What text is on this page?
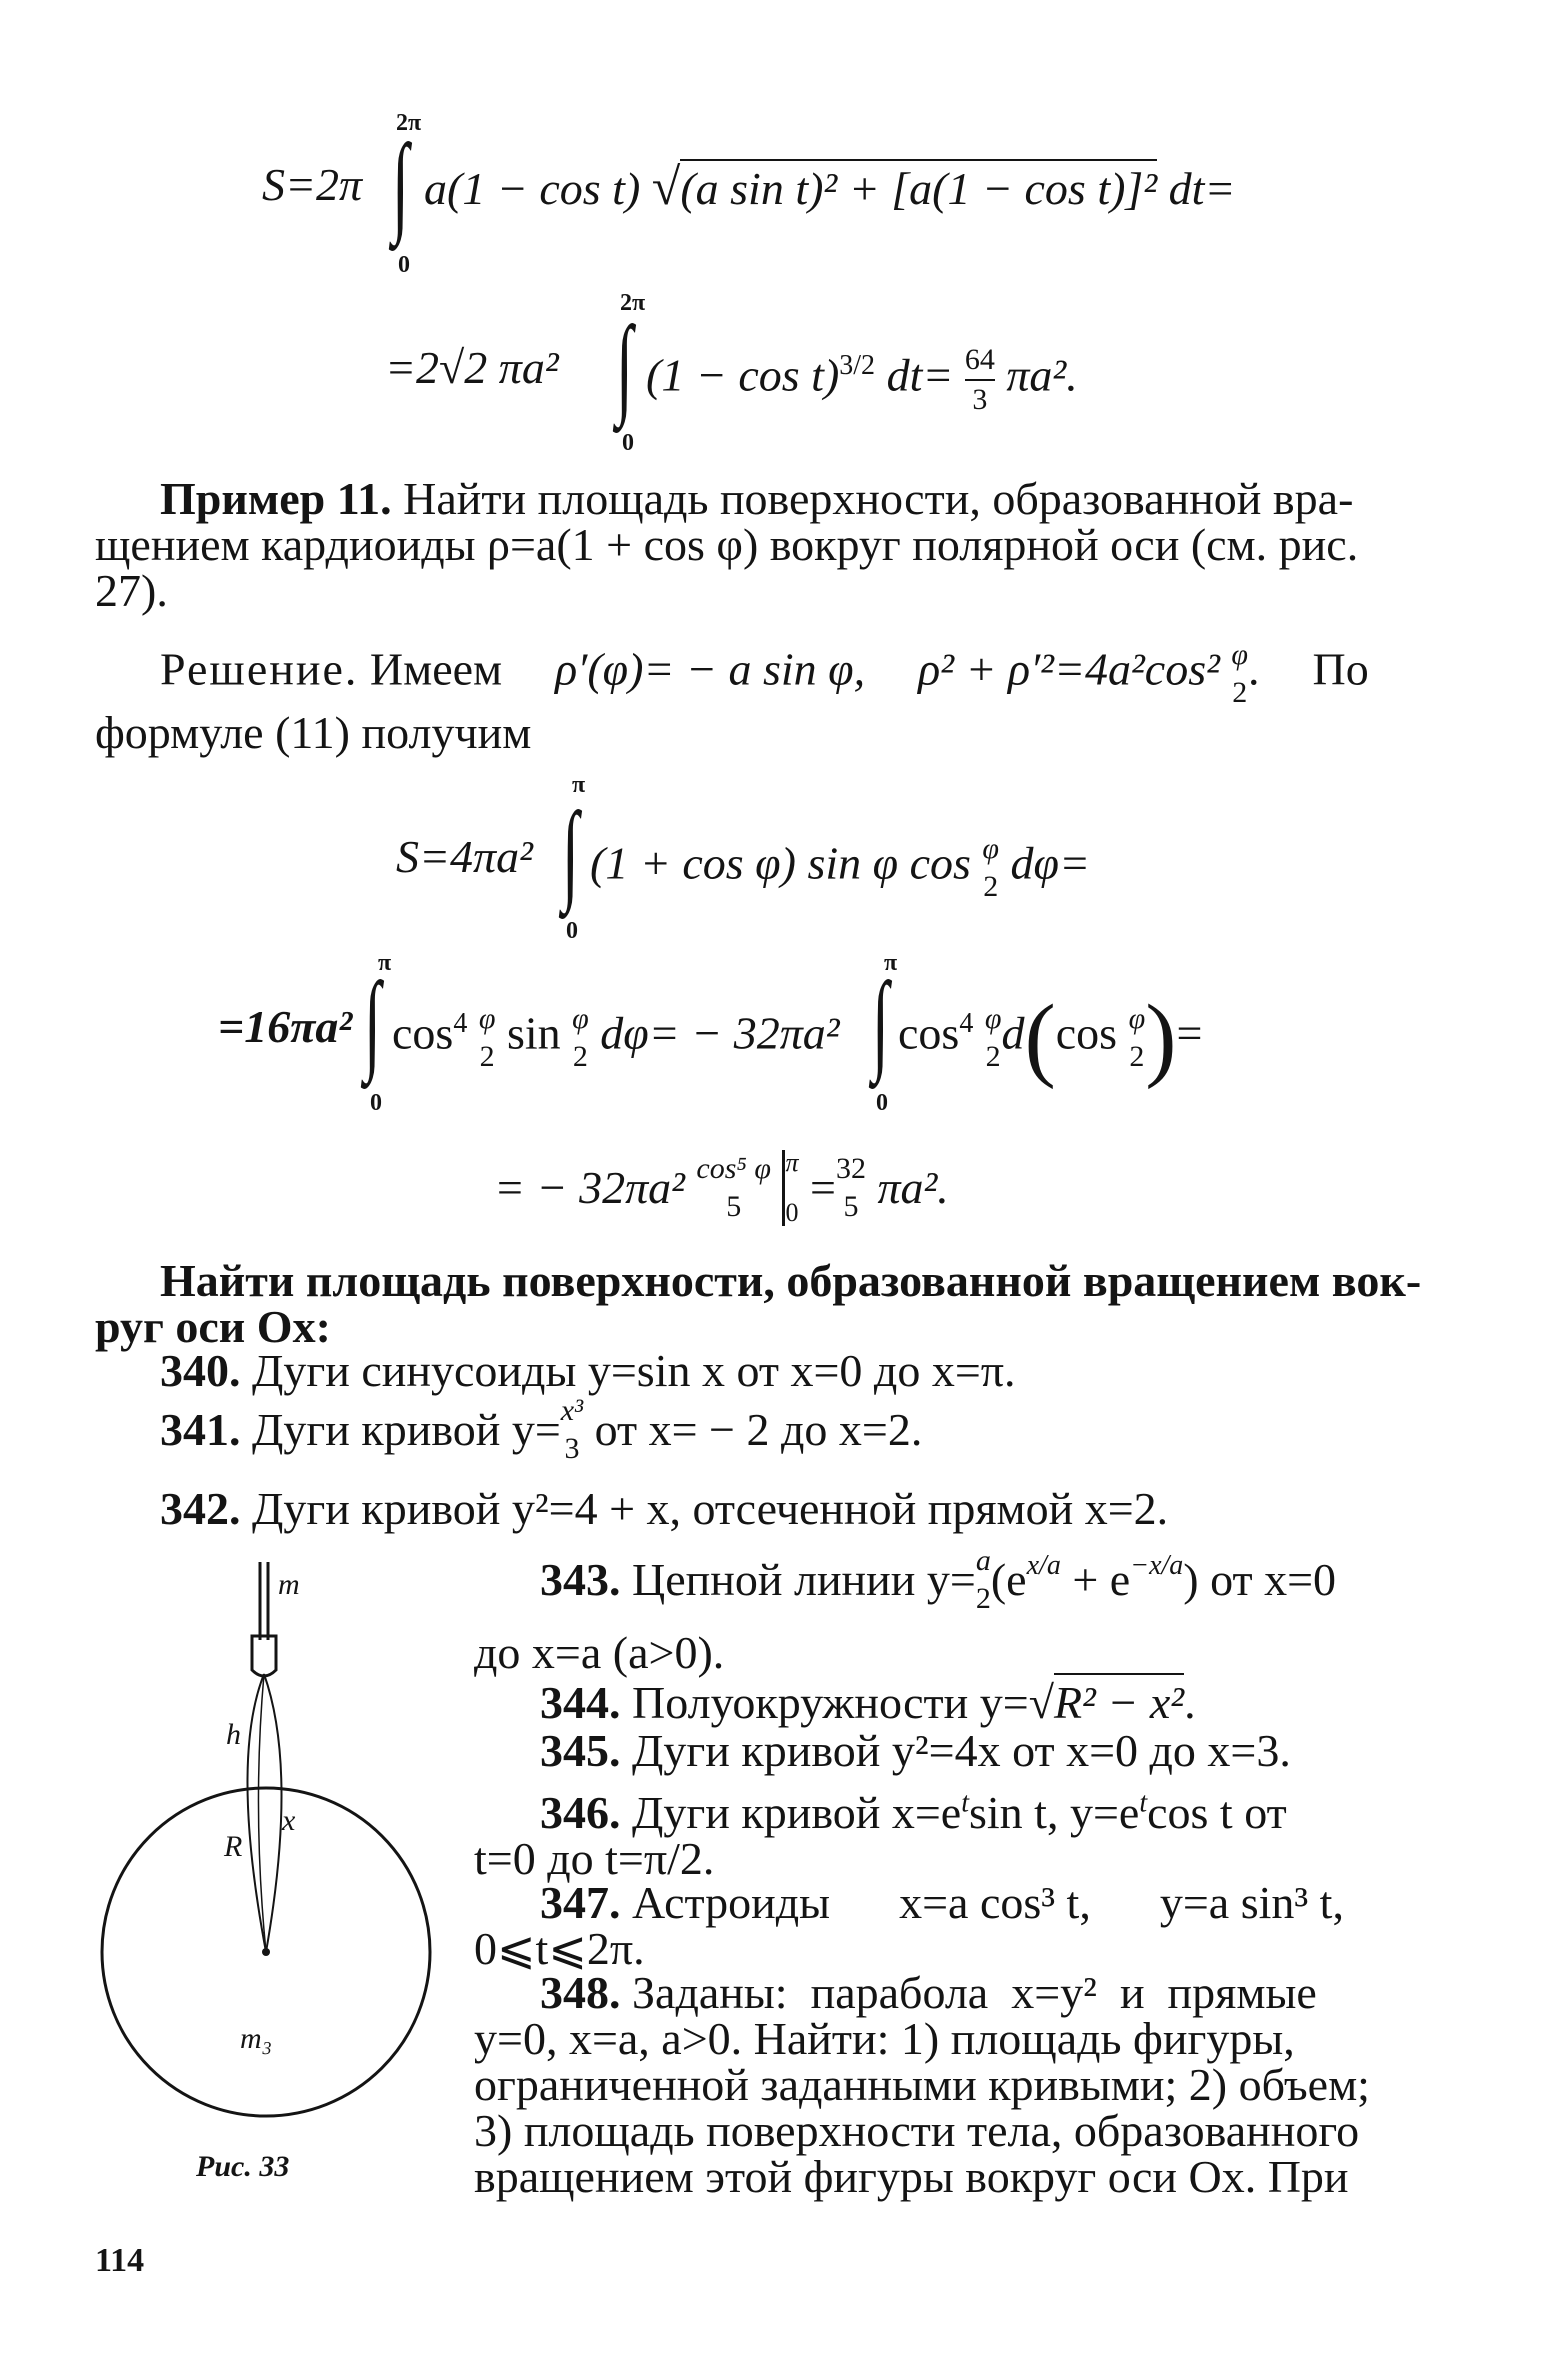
S=2π
2π
∫
0
a(1 − cos t) √(a sin t)² + [a(1 − cos t)]² dt=
=2√2 πa²
2π
∫
0
$(1 - \cos t)^{3/2}$ $dt= \frac{64}{3} \pi a^2$.
Пример 11. Найти площадь поверхности, образованной вра-
щением кардиоиды ρ=a(1 + cos φ) вокруг полярной оси (см. рис.
27).
Решение. Имеем ρ′(φ)= − a sin φ, ρ² + ρ′²=4a²cos² φ
2 . По
формуле (11) получим
S=4πa²
π
∫
0
(1 + cos φ) sin φ cos φ
2 dφ=
=16πa²
π
∫
0
$\cos^4 \varphi$
2 sin φ
2 dφ= − 32πa²
π
∫
0
$\cos^4 \varphi$
2 d(cos φ
2 )=
= − 32πa² cos⁵ φ
5

π
0 = 32
5 πa².
Найти площадь поверхности, образованной вращением вок-
руг оси Ox:
340. Дуги синусоиды y=sin x от x=0 до x=π.
341. Дуги кривой y= x³
3 от x= − 2 до x=2.
342. Дуги кривой y²=4 + x, отсеченной прямой x=2.
343. Цепной линии y= a
2 $(e^{x/a} + e^{-x/a})$ от x=0
до x=a (a>0).
344. Полуокружности y=√R² − x².
345. Дуги кривой y²=4x от x=0 до x=3.
346. Дуги кривой $x=e^t\sin$ t, $y=e^t\cos$ t от
t=0 до t=π/2.
347. Астроиды      x=a cos³ t,      y=a sin³ t,
0⩽t⩽2π.
348. Заданы:  парабола  x=y²  и  прямые
y=0, x=a, a>0. Найти: 1) площадь фигуры,
ограниченной заданными кривыми; 2) объем;
3) площадь поверхности тела, образованного
вращением этой фигуры вокруг оси Ox. При
m
h
x
R
m₃
Рис. 33
114
